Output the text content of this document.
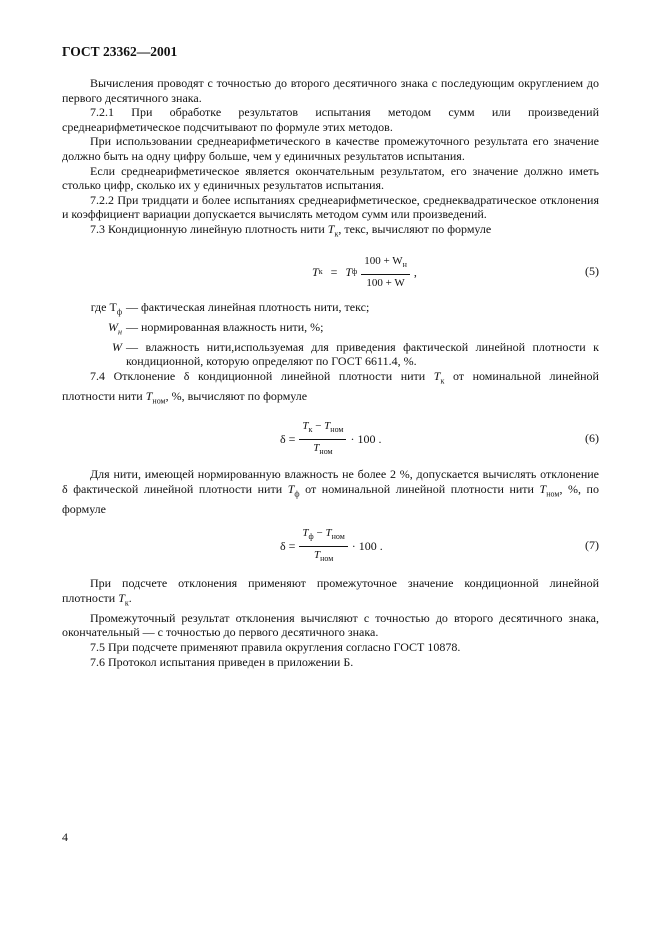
ГОСТ 23362—2001

Вычисления проводят с точностью до второго десятичного знака с последующим округлением до первого десятичного знака.

7.2.1 При обработке результатов испытания методом сумм или произведений среднеарифметическое подсчитывают по формуле этих методов.

При использовании среднеарифметического в качестве промежуточного результата его значение должно быть на одну цифру больше, чем у единичных результатов испытания.

Если среднеарифметическое является окончательным результатом, его значение должно иметь столько цифр, сколько их у единичных результатов испытания.

7.2.2 При тридцати и более испытаниях среднеарифметическое, среднеквадратическое отклонения и коэффициент вариации допускается вычислять методом сумм или произведений.

7.3 Кондиционную линейную плотность нити $T_к$, текс, вычисляют по формуле

T к = T ф $\frac{100 + W_н}{100 + W}$ ,	(5)
где $T_ф$ — фактическая линейная плотность нити, текс;
$W_н$ — нормированная влажность нити, %;
W — влажность нити,используемая для приведения фактической линейной плотности к кондиционной, которую определяют по ГОСТ 6611.4, %.

7.4 Отклонение δ кондиционной линейной плотности нити $T_к$ от номинальной линейной плотности нити $T_{ном}$, %, вычисляют по формуле

$\delta = \frac{T_к - T_{ном}}{T_{ном}} \cdot 100$ .	(6)

Для нити, имеющей нормированную влажность не более 2 %, допускается вычислять отклонение δ фактической линейной плотности нити $T_ф$ от номинальной линейной плотности нити $T_{ном}$, %, по формуле

$\delta = \frac{T_ф - T_{ном}}{T_{ном}} \cdot 100$ .	(7)

При подсчете отклонения применяют промежуточное значение кондиционной линейной плотности $T_к$.

Промежуточный результат отклонения вычисляют с точностью до второго десятичного знака, окончательный — с точностью до первого десятичного знака.

7.5 При подсчете применяют правила округления согласно ГОСТ 10878.

7.6 Протокол испытания приведен в приложении Б.

4
